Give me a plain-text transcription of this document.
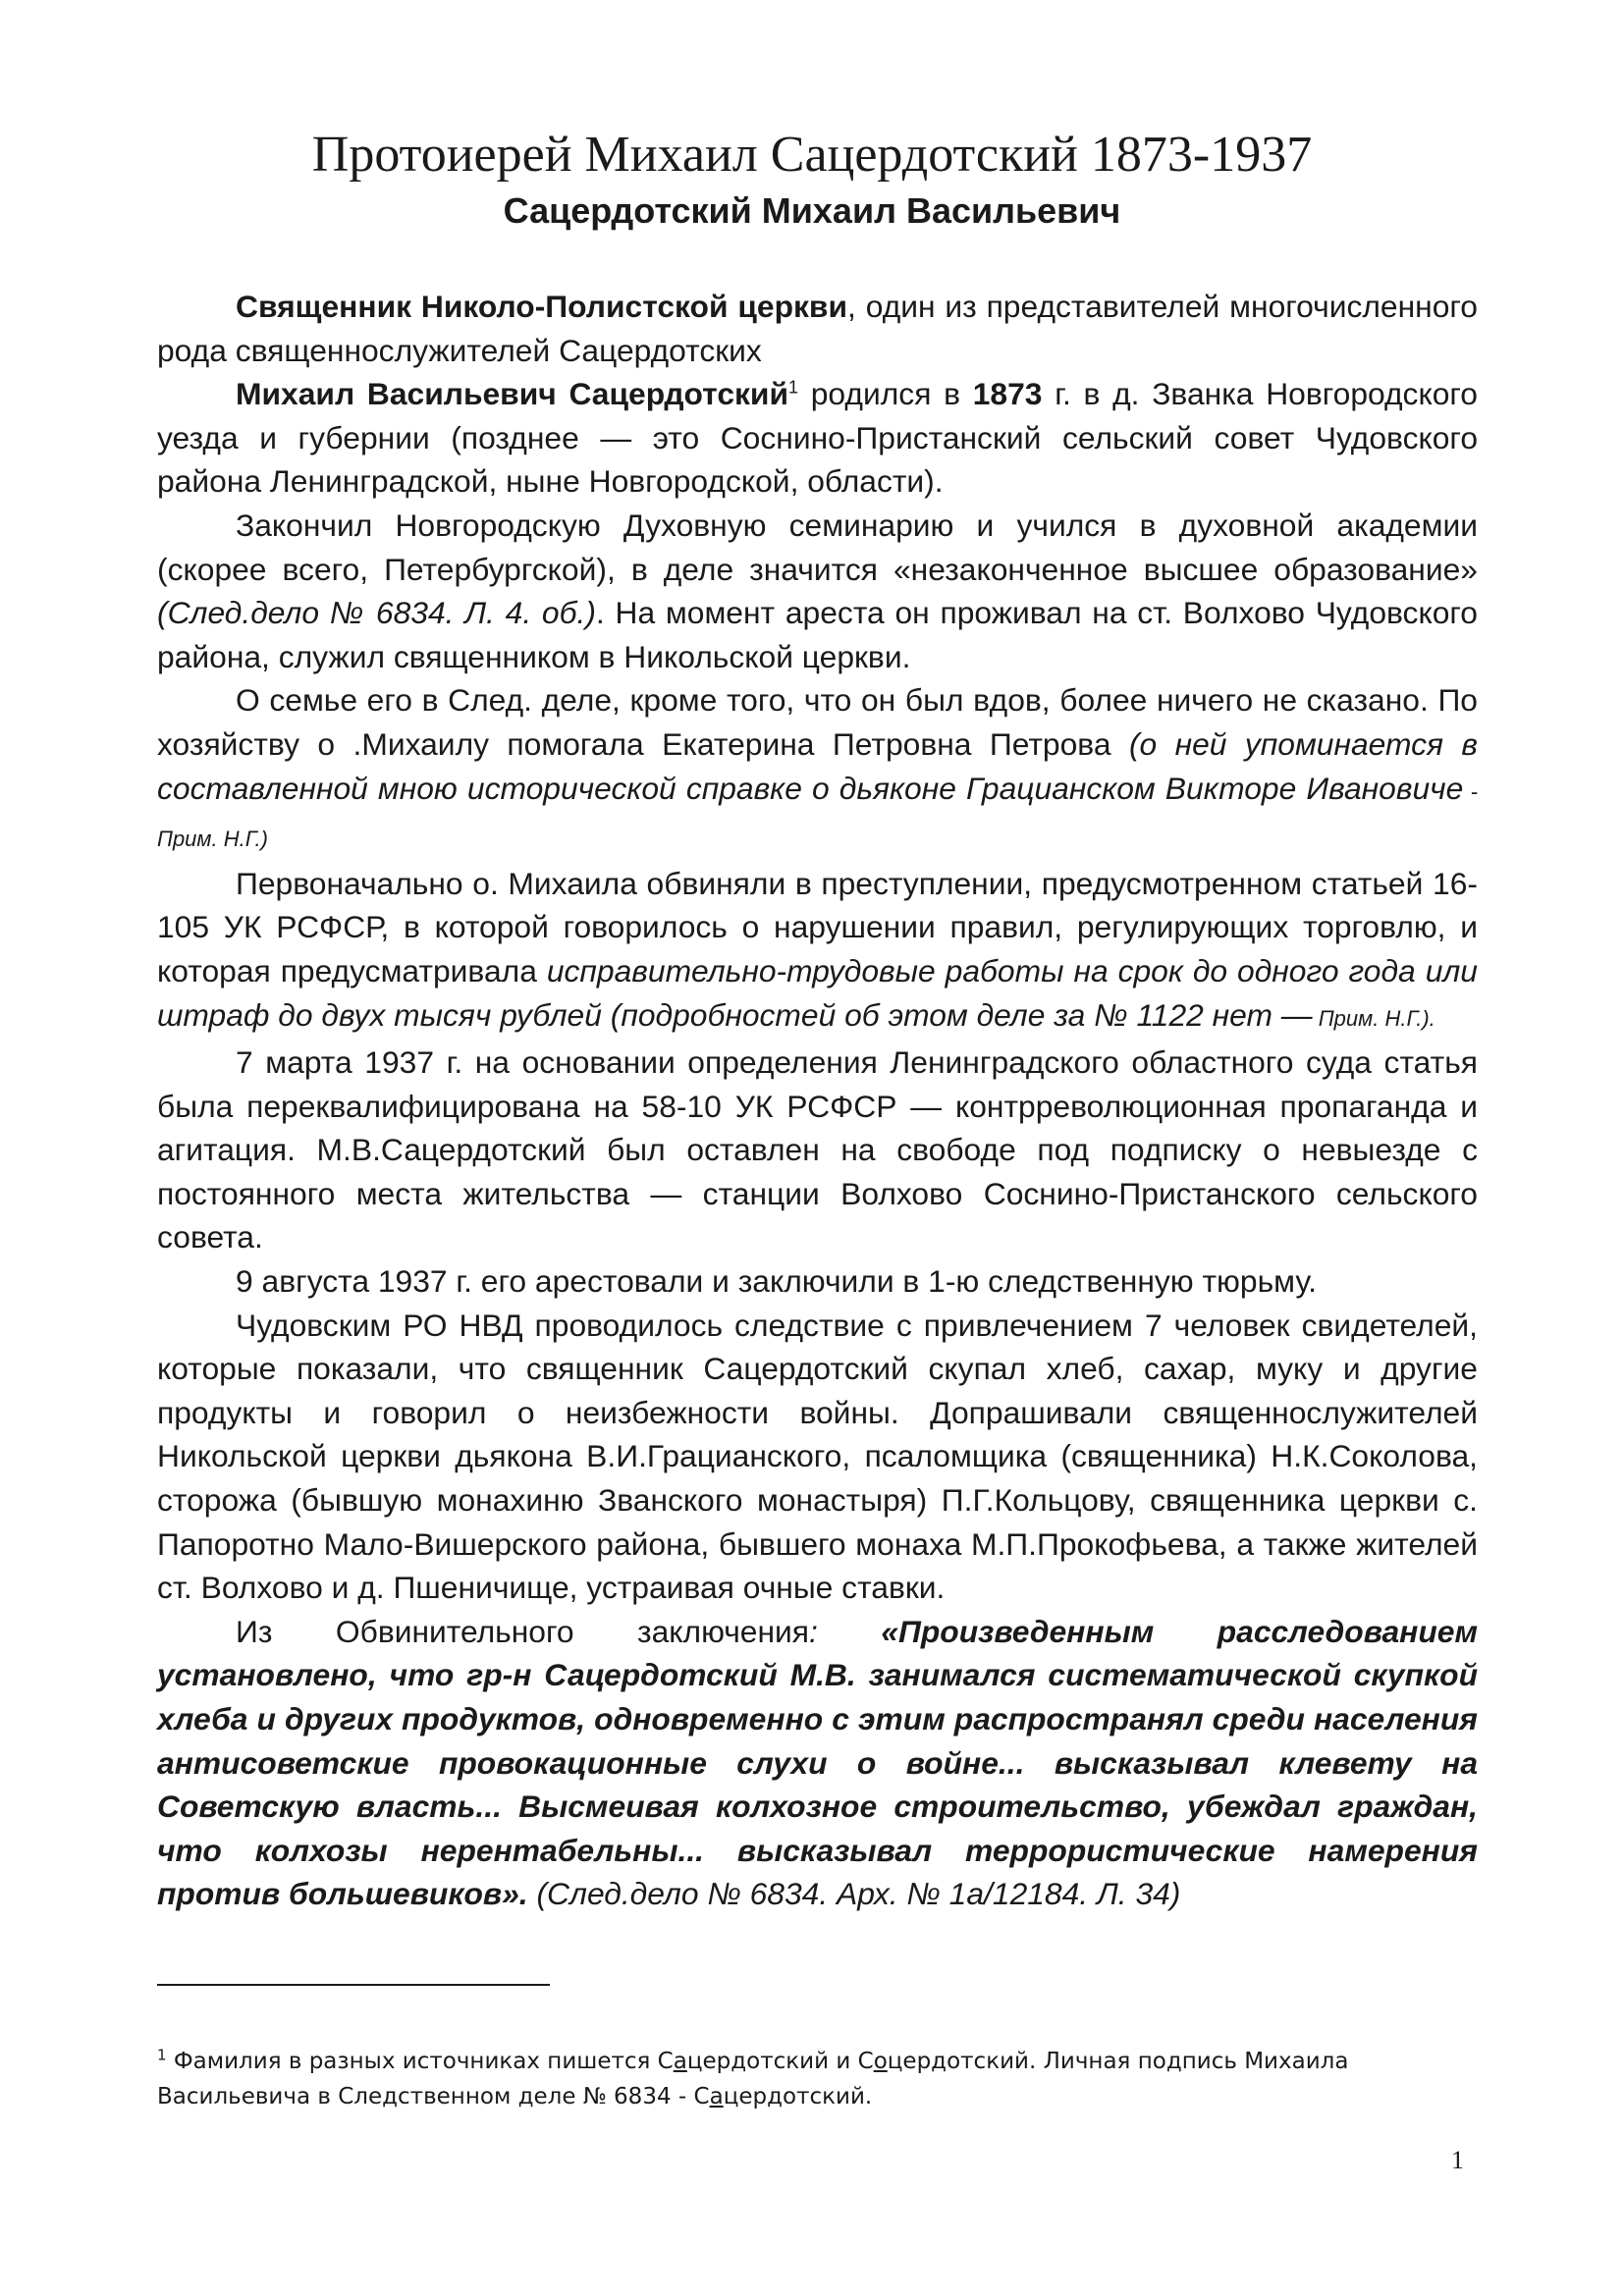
Протоиерей Михаил Сацердотский 1873-1937
Сацердотский Михаил Васильевич

Священник Николо-Полистской церкви, один из представителей многочисленного рода священнослужителей Сацердотских

Михаил Васильевич Сацердотский$^1$ родился в 1873 г. в д. Званка Новгородского уезда и губернии (позднее — это Соснино-Пристанский сельский совет Чудовского района Ленинградской, ныне Новгородской, области).

Закончил Новгородскую Духовную семинарию и учился в духовной академии (скорее всего, Петербургской), в деле значится «незаконченное высшее образование» (След.дело № 6834. Л. 4. об.). На момент ареста он проживал на ст. Волхово Чудовского района, служил священником в Никольской церкви.

О семье его в След. деле, кроме того, что он был вдов, более ничего не сказано. По хозяйству о .Михаилу помогала Екатерина Петровна Петрова (о ней упоминается в составленной мною исторической справке о дьяконе Грацианском Викторе Ивановиче - Прим. Н.Г.)

Первоначально о. Михаила обвиняли в преступлении, предусмотренном статьей 16-105 УК РСФСР, в которой говорилось о нарушении правил, регулирующих торговлю, и которая предусматривала исправительно-трудовые работы на срок до одного года или штраф до двух тысяч рублей (подробностей об этом деле за № 1122 нет — Прим. Н.Г.).

7 марта 1937 г. на основании определения Ленинградского областного суда статья была переквалифицирована на 58-10 УК РСФСР — контрреволюционная пропаганда и агитация. М.В.Сацердотский был оставлен на свободе под подписку о невыезде с постоянного места жительства — станции Волхово Соснино-Пристанского сельского совета.

9 августа 1937 г. его арестовали и заключили в 1-ю следственную тюрьму.

Чудовским РО НВД проводилось следствие с привлечением 7 человек свидетелей, которые показали, что священник Сацердотский скупал хлеб, сахар, муку и другие продукты и говорил о неизбежности войны. Допрашивали священнослужителей Никольской церкви дьякона В.И.Грацианского, псаломщика (священника) Н.К.Соколова, сторожа (бывшую монахиню Званского монастыря) П.Г.Кольцову, священника церкви с. Папоротно Мало-Вишерского района, бывшего монаха М.П.Прокофьева, а также жителей ст. Волхово и д. Пшеничище, устраивая очные ставки.

Из Обвинительного заключения: «Произведенным расследованием установлено, что гр-н Сацердотский М.В. занимался систематической скупкой хлеба и других продуктов, одновременно с этим распространял среди населения антисоветские провокационные слухи о войне... высказывал клевету на Советскую власть... Высмеивая колхозное строительство, убеждал граждан, что колхозы нерентабельны... высказывал террористические намерения против большевиков». (След.дело № 6834. Арх. № 1а/12184. Л. 34)

$^1$ Фамилия в разных источниках пишется Сацердотский и Соцердотский. Личная подпись Михаила Васильевича в Следственном деле № 6834 - Сацердотский.
1
